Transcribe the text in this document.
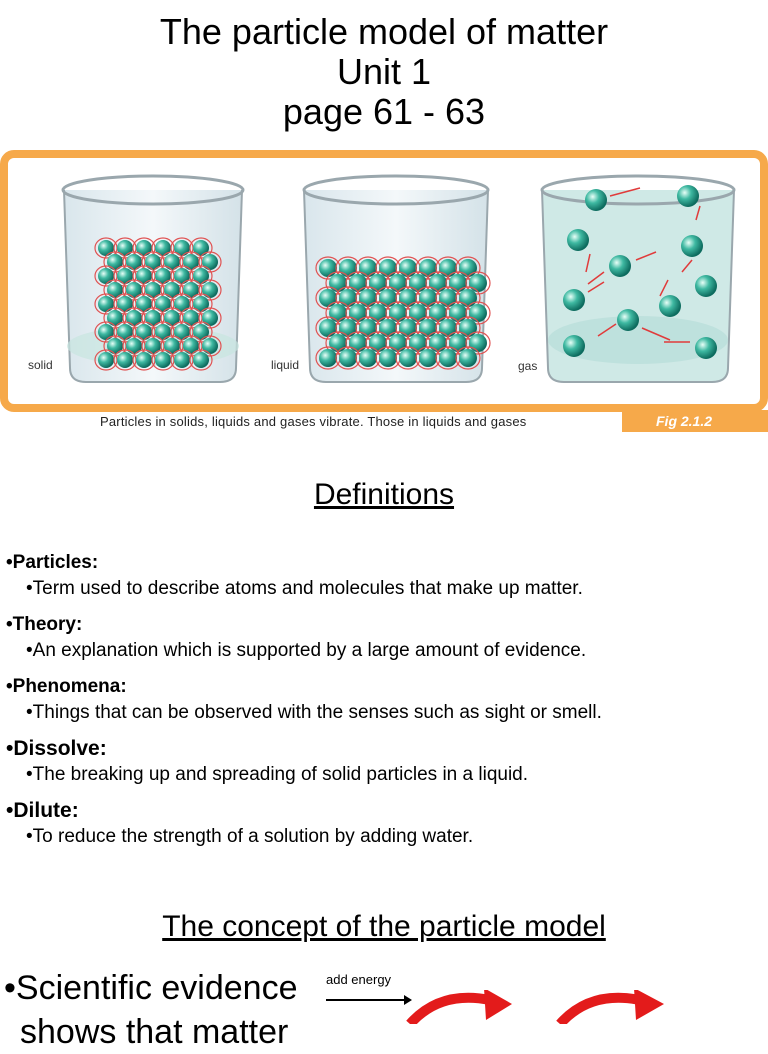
The particle model of matter
Unit 1
page 61 - 63
solid	liquid	gas
Particles in solids, liquids and gases vibrate. Those in liquids and gases	Fig 2.1.2
Definitions
• Particles:
• Term used to describe atoms and molecules that make up matter.
• Theory:
• An explanation which is supported by a large amount of evidence.
• Phenomena:
• Things that can be observed with the senses such as sight or smell.
• Dissolve:
• The breaking up and spreading of solid particles in a liquid.
• Dilute:
• To reduce the strength of a solution by adding water.
The concept of the particle model
• Scientific evidence
shows that matter
add energy
